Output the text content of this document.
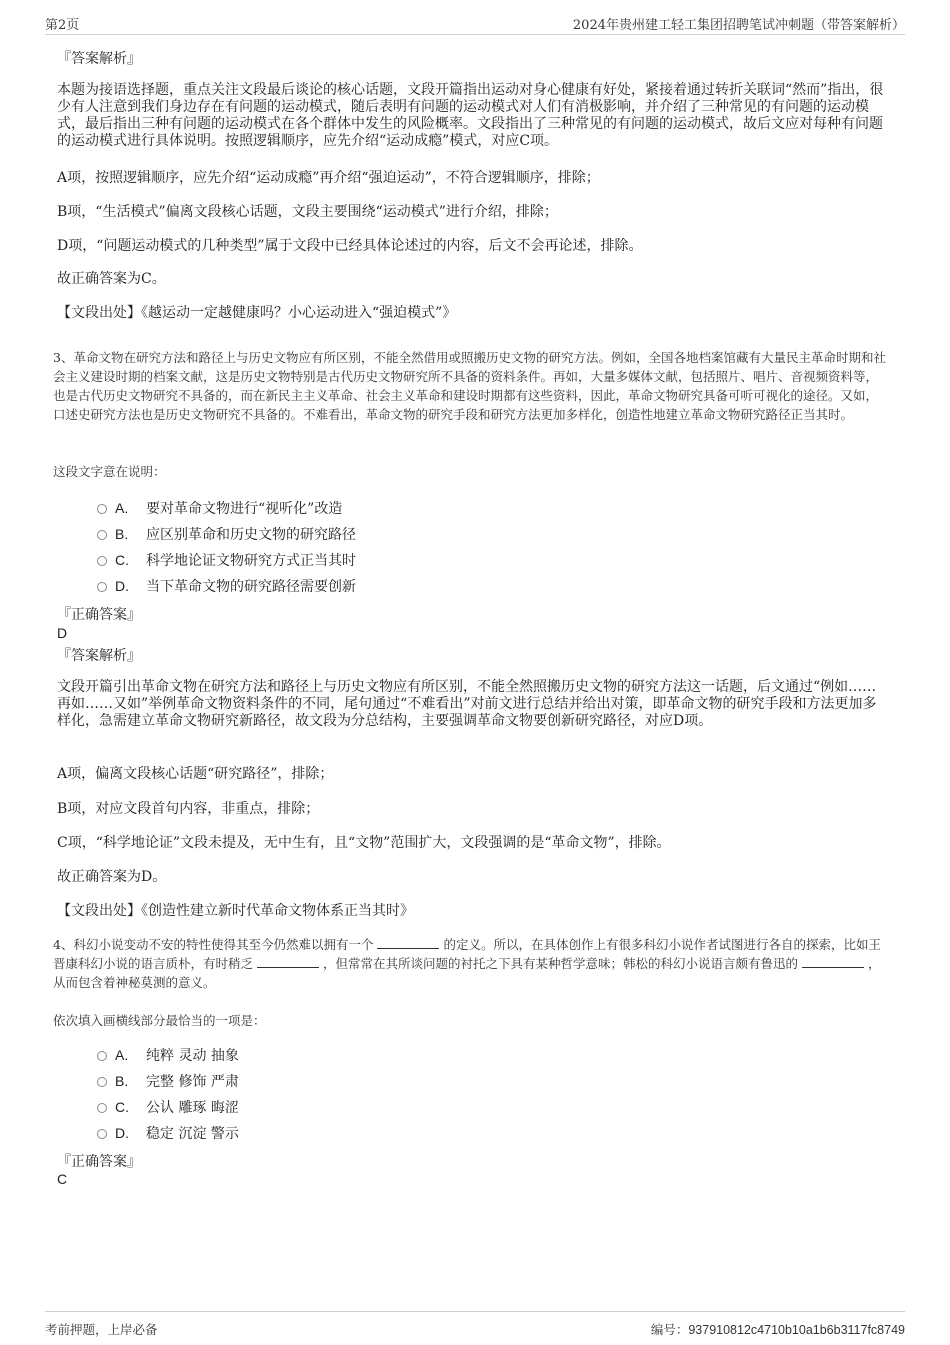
第2页	2024年贵州建工轻工集团招聘笔试冲刺题（带答案解析）

『答案解析』

本题为接语选择题，重点关注文段最后谈论的核心话题，文段开篇指出运动对身心健康有好处，紧接着通过转折关联词“然而”指出，很少有人注意到我们身边存在有问题的运动模式，随后表明有问题的运动模式对人们有消极影响，并介绍了三种常见的有问题的运动模式，最后指出三种有问题的运动模式在各个群体中发生的风险概率。文段指出了三种常见的有问题的运动模式，故后文应对每种有问题的运动模式进行具体说明。按照逻辑顺序，应先介绍“运动成瘾”模式，对应C项。

A项，按照逻辑顺序，应先介绍“运动成瘾”再介绍“强迫运动”，不符合逻辑顺序，排除；

B项，“生活模式”偏离文段核心话题，文段主要围绕“运动模式”进行介绍，排除；

D项，“问题运动模式的几种类型”属于文段中已经具体论述过的内容，后文不会再论述，排除。

故正确答案为C。

【文段出处】《越运动一定越健康吗？小心运动进入“强迫模式”》

3、革命文物在研究方法和路径上与历史文物应有所区别，不能全然借用或照搬历史文物的研究方法。例如，全国各地档案馆藏有大量民主革命时期和社会主义建设时期的档案文献，这是历史文物特别是古代历史文物研究所不具备的资料条件。再如，大量多媒体文献，包括照片、唱片、音视频资料等，也是古代历史文物研究不具备的，而在新民主主义革命、社会主义革命和建设时期都有这些资料，因此，革命文物研究具备可听可视化的途径。又如，口述史研究方法也是历史文物研究不具备的。不难看出，革命文物的研究手段和研究方法更加多样化，创造性地建立革命文物研究路径正当其时。

这段文字意在说明：

A. 要对革命文物进行“视听化”改造
B. 应区别革命和历史文物的研究路径
C. 科学地论证文物研究方式正当其时
D. 当下革命文物的研究路径需要创新

『正确答案』

D

『答案解析』

文段开篇引出革命文物在研究方法和路径上与历史文物应有所区别，不能全然照搬历史文物的研究方法这一话题，后文通过“例如……再如……又如”举例革命文物资料条件的不同，尾句通过“不难看出”对前文进行总结并给出对策，即革命文物的研究手段和方法更加多样化，急需建立革命文物研究新路径，故文段为分总结构，主要强调革命文物要创新研究路径，对应D项。

A项，偏离文段核心话题“研究路径”，排除；

B项，对应文段首句内容，非重点，排除；

C项，“科学地论证”文段未提及，无中生有，且“文物”范围扩大，文段强调的是“革命文物”，排除。

故正确答案为D。

【文段出处】《创造性建立新时代革命文物体系正当其时》

4、科幻小说变动不安的特性使得其至今仍然难以拥有一个	的定义。所以，在具体创作上有很多科幻小说作者试图进行各自的探索，比如王晋康科幻小说的语言质朴，有时稍乏	，但常常在其所谈问题的衬托之下具有某种哲学意味；韩松的科幻小说语言颇有鲁迅的	，从而包含着神秘莫测的意义。

依次填入画横线部分最恰当的一项是：

A. 纯粹 灵动 抽象
B. 完整 修饰 严肃
C. 公认 雕琢 晦涩
D. 稳定 沉淀 警示

『正确答案』

C

考前押题，上岸必备	编号：937910812c4710b10a1b6b3117fc8749
